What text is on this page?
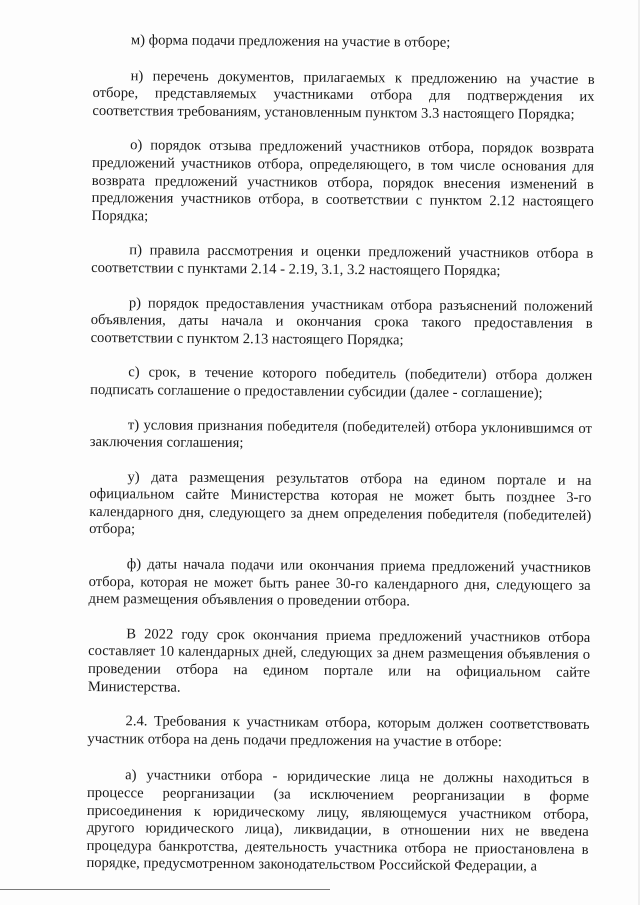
м) форма подачи предложения на участие в отборе;

н) перечень документов, прилагаемых к предложению на участие в отборе, представляемых участниками отбора для подтверждения их соответствия требованиям, установленным пунктом 3.3 настоящего Порядка;

о) порядок отзыва предложений участников отбора, порядок возврата предложений участников отбора, определяющего, в том числе основания для возврата предложений участников отбора, порядок внесения изменений в предложения участников отбора, в соответствии с пунктом 2.12 настоящего Порядка;

п) правила рассмотрения и оценки предложений участников отбора в соответствии с пунктами 2.14 - 2.19, 3.1, 3.2 настоящего Порядка;

р) порядок предоставления участникам отбора разъяснений положений объявления, даты начала и окончания срока такого предоставления в соответствии с пунктом 2.13 настоящего Порядка;

с) срок, в течение которого победитель (победители) отбора должен подписать соглашение о предоставлении субсидии (далее - соглашение);

т) условия признания победителя (победителей) отбора уклонившимся от заключения соглашения;

у) дата размещения результатов отбора на едином портале и на официальном сайте Министерства которая не может быть позднее 3-го календарного дня, следующего за днем определения победителя (победителей) отбора;

ф) даты начала подачи или окончания приема предложений участников отбора, которая не может быть ранее 30-го календарного дня, следующего за днем размещения объявления о проведении отбора.

В 2022 году срок окончания приема предложений участников отбора составляет 10 календарных дней, следующих за днем размещения объявления о проведении отбора на едином портале или на официальном сайте Министерства.

2.4. Требования к участникам отбора, которым должен соответствовать участник отбора на день подачи предложения на участие в отборе:

а) участники отбора - юридические лица не должны находиться в процессе реорганизации (за исключением реорганизации в форме присоединения к юридическому лицу, являющемуся участником отбора, другого юридического лица), ликвидации, в отношении них не введена процедура банкротства, деятельность участника отбора не приостановлена в порядке, предусмотренном законодательством Российской Федерации, а
